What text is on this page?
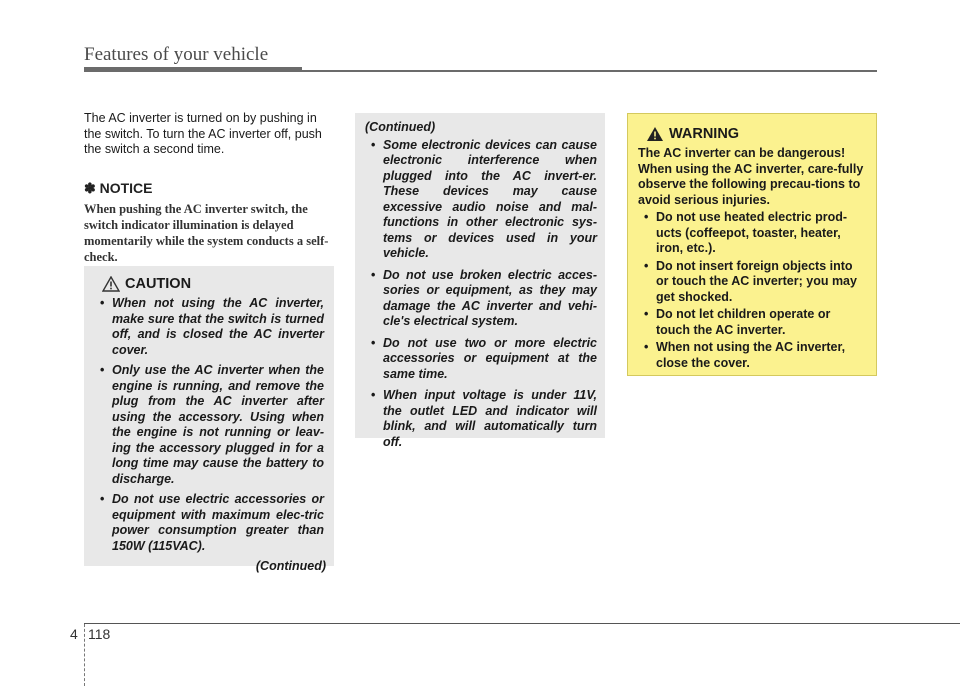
Features of your vehicle

The AC inverter is turned on by pushing in the switch. To turn the AC inverter off, push the switch a second time.

✽ NOTICE

When pushing the AC inverter switch, the switch indicator illumination is delayed momentarily while the system conducts a self-check.

CAUTION
• When not using the AC inverter, make sure that the switch is turned off, and is closed the AC inverter cover.
• Only use the AC inverter when the engine is running, and remove the plug from the AC inverter after using the accessory. Using when the engine is not running or leav-ing the accessory plugged in for a long time may cause the battery to discharge.
• Do not use electric accessories or equipment with maximum elec-tric power consumption greater than 150W (115VAC).
(Continued)
(Continued)
• Some electronic devices can cause electronic interference when plugged into the AC invert-er. These devices may cause excessive audio noise and mal-functions in other electronic sys-tems or devices used in your vehicle.
• Do not use broken electric acces-sories or equipment, as they may damage the AC inverter and vehi-cle's electrical system.
• Do not use two or more electric accessories or equipment at the same time.
• When input voltage is under 11V, the outlet LED and indicator will blink, and will automatically turn off.
WARNING

The AC inverter can be dangerous! When using the AC inverter, care-fully observe the following precau-tions to avoid serious injuries.

• Do not use heated electric prod-ucts (coffeepot, toaster, heater, iron, etc.).
• Do not insert foreign objects into or touch the AC inverter; you may get shocked.
• Do not let children operate or touch the AC inverter.
• When not using the AC inverter, close the cover.
4 118
